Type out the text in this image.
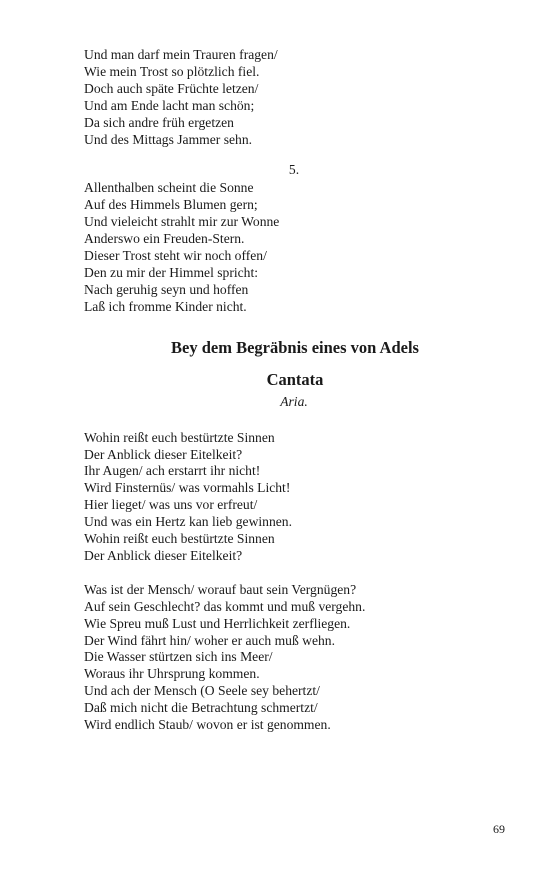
Und man darf mein Trauren fragen/
Wie mein Trost so plötzlich fiel.
Doch auch späte Früchte letzen/
Und am Ende lacht man schön;
Da sich andre früh ergetzen
Und des Mittags Jammer sehn.
5.
Allenthalben scheint die Sonne
Auf des Himmels Blumen gern;
Und vieleicht strahlt mir zur Wonne
Anderswo ein Freuden-Stern.
Dieser Trost steht wir noch offen/
Den zu mir der Himmel spricht:
Nach geruhig seyn und hoffen
Laß ich fromme Kinder nicht.
Bey dem Begräbnis eines von Adels
Cantata
Aria.
Wohin reißt euch bestürtzte Sinnen
Der Anblick dieser Eitelkeit?
Ihr Augen/ ach erstarrt ihr nicht!
Wird Finsternüs/ was vormahls Licht!
Hier lieget/ was uns vor erfreut/
Und was ein Hertz kan lieb gewinnen.
Wohin reißt euch bestürtzte Sinnen
Der Anblick dieser Eitelkeit?
Was ist der Mensch/ worauf baut sein Vergnügen?
Auf sein Geschlecht? das kommt und muß vergehn.
Wie Spreu muß Lust und Herrlichkeit zerfliegen.
Der Wind fährt hin/ woher er auch muß wehn.
Die Wasser stürtzen sich ins Meer/
Woraus ihr Uhrsprung kommen.
Und ach der Mensch (O Seele sey behertzt/
Daß mich nicht die Betrachtung schmertzt/
Wird endlich Staub/ wovon er ist genommen.
69
